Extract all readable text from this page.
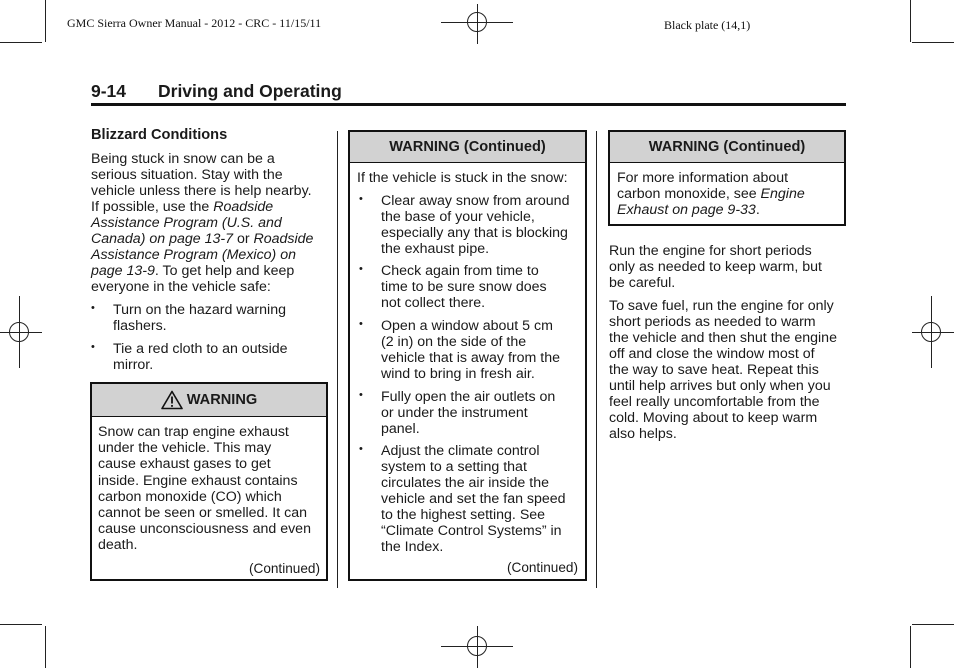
GMC Sierra Owner Manual - 2012 - CRC - 11/15/11	Black plate (14,1)
9-14 Driving and Operating
Blizzard Conditions
Being stuck in snow can be a
serious situation. Stay with the
vehicle unless there is help nearby.
If possible, use the Roadside
Assistance Program (U.S. and
Canada) on page 13-7 or Roadside
Assistance Program (Mexico) on
page 13-9. To get help and keep
everyone in the vehicle safe:
• Turn on the hazard warning
flashers.
• Tie a red cloth to an outside
mirror.
WARNING
Snow can trap engine exhaust
under the vehicle. This may
cause exhaust gases to get
inside. Engine exhaust contains
carbon monoxide (CO) which
cannot be seen or smelled. It can
cause unconsciousness and even
death.
(Continued)
WARNING (Continued)
If the vehicle is stuck in the snow:
• Clear away snow from around
the base of your vehicle,
especially any that is blocking
the exhaust pipe.
• Check again from time to
time to be sure snow does
not collect there.
• Open a window about 5 cm
(2 in) on the side of the
vehicle that is away from the
wind to bring in fresh air.
• Fully open the air outlets on
or under the instrument
panel.
• Adjust the climate control
system to a setting that
circulates the air inside the
vehicle and set the fan speed
to the highest setting. See
“Climate Control Systems” in
the Index.
(Continued)
WARNING (Continued)
For more information about
carbon monoxide, see Engine
Exhaust on page 9-33.
Run the engine for short periods
only as needed to keep warm, but
be careful.
To save fuel, run the engine for only
short periods as needed to warm
the vehicle and then shut the engine
off and close the window most of
the way to save heat. Repeat this
until help arrives but only when you
feel really uncomfortable from the
cold. Moving about to keep warm
also helps.
